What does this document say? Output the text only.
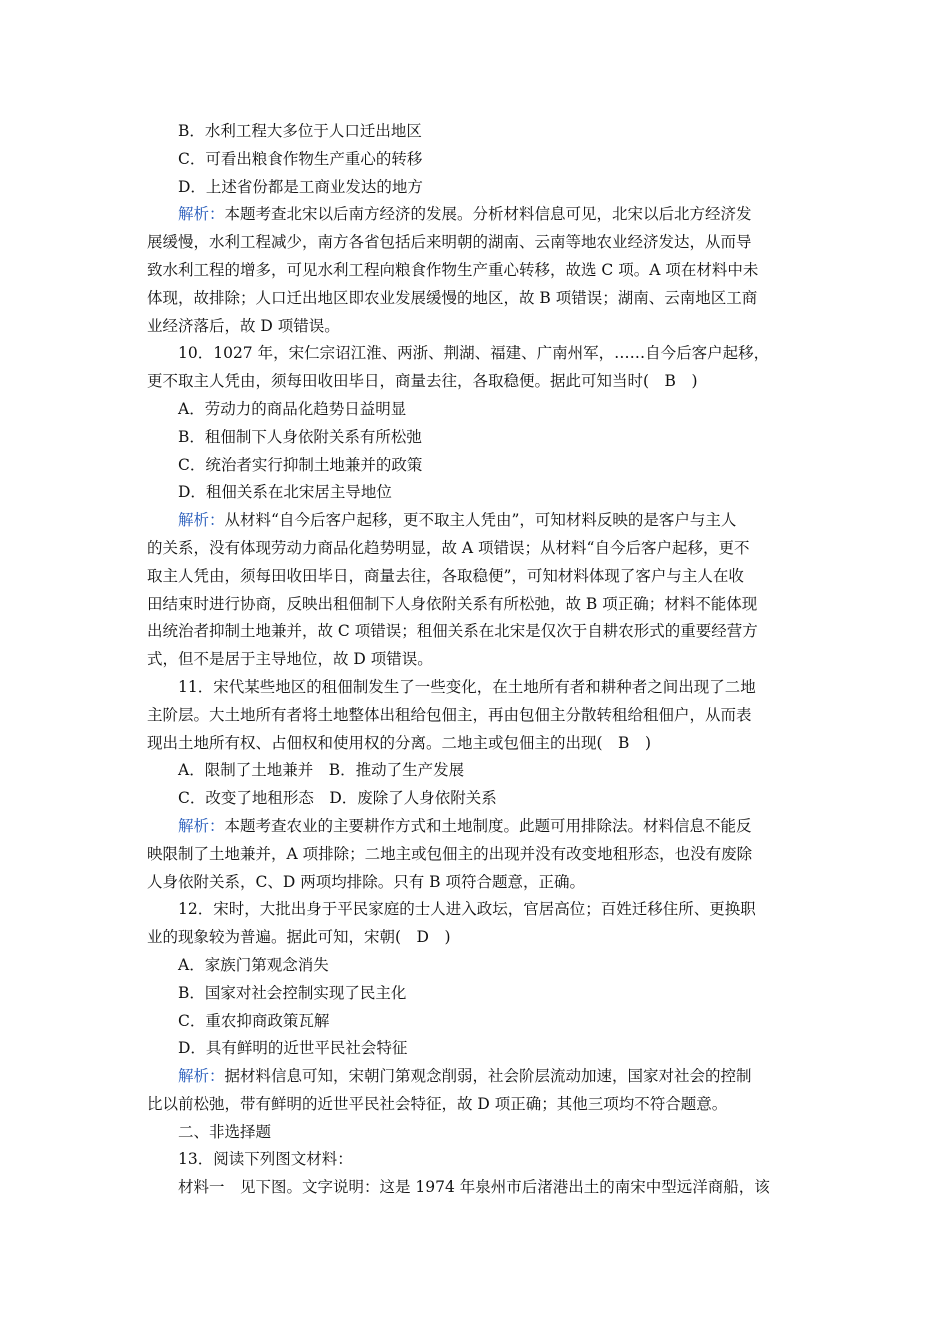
B．水利工程大多位于人口迁出地区
C．可看出粮食作物生产重心的转移
D．上述省份都是工商业发达的地方
解析：本题考查北宋以后南方经济的发展。分析材料信息可见，北宋以后北方经济发
展缓慢，水利工程减少，南方各省包括后来明朝的湖南、云南等地农业经济发达，从而导
致水利工程的增多，可见水利工程向粮食作物生产重心转移，故选 C 项。A 项在材料中未
体现，故排除；人口迁出地区即农业发展缓慢的地区，故 B 项错误；湖南、云南地区工商
业经济落后，故 D 项错误。
10．1027 年，宋仁宗诏江淮、两浙、荆湖、福建、广南州军，……自今后客户起移，
更不取主人凭由，须每田收田毕日，商量去往，各取稳便。据此可知当时(　B　)
A．劳动力的商品化趋势日益明显
B．租佃制下人身依附关系有所松弛
C．统治者实行抑制土地兼并的政策
D．租佃关系在北宋居主导地位
解析：从材料“自今后客户起移，更不取主人凭由”，可知材料反映的是客户与主人
的关系，没有体现劳动力商品化趋势明显，故 A 项错误；从材料“自今后客户起移，更不
取主人凭由，须每田收田毕日，商量去往，各取稳便”，可知材料体现了客户与主人在收
田结束时进行协商，反映出租佃制下人身依附关系有所松弛，故 B 项正确；材料不能体现
出统治者抑制土地兼并，故 C 项错误；租佃关系在北宋是仅次于自耕农形式的重要经营方
式，但不是居于主导地位，故 D 项错误。
11．宋代某些地区的租佃制发生了一些变化，在土地所有者和耕种者之间出现了二地
主阶层。大土地所有者将土地整体出租给包佃主，再由包佃主分散转租给租佃户，从而表
现出土地所有权、占佃权和使用权的分离。二地主或包佃主的出现(　B　)
A．限制了土地兼并　B．推动了生产发展
C．改变了地租形态　D．废除了人身依附关系
解析：本题考查农业的主要耕作方式和土地制度。此题可用排除法。材料信息不能反
映限制了土地兼并，A 项排除；二地主或包佃主的出现并没有改变地租形态，也没有废除
人身依附关系，C、D 两项均排除。只有 B 项符合题意，正确。
12．宋时，大批出身于平民家庭的士人进入政坛，官居高位；百姓迁移住所、更换职
业的现象较为普遍。据此可知，宋朝(　D　)
A．家族门第观念消失
B．国家对社会控制实现了民主化
C．重农抑商政策瓦解
D．具有鲜明的近世平民社会特征
解析：据材料信息可知，宋朝门第观念削弱，社会阶层流动加速，国家对社会的控制
比以前松弛，带有鲜明的近世平民社会特征，故 D 项正确；其他三项均不符合题意。
二、非选择题
13．阅读下列图文材料：
材料一　见下图。文字说明：这是 1974 年泉州市后渚港出土的南宋中型远洋商船，该
